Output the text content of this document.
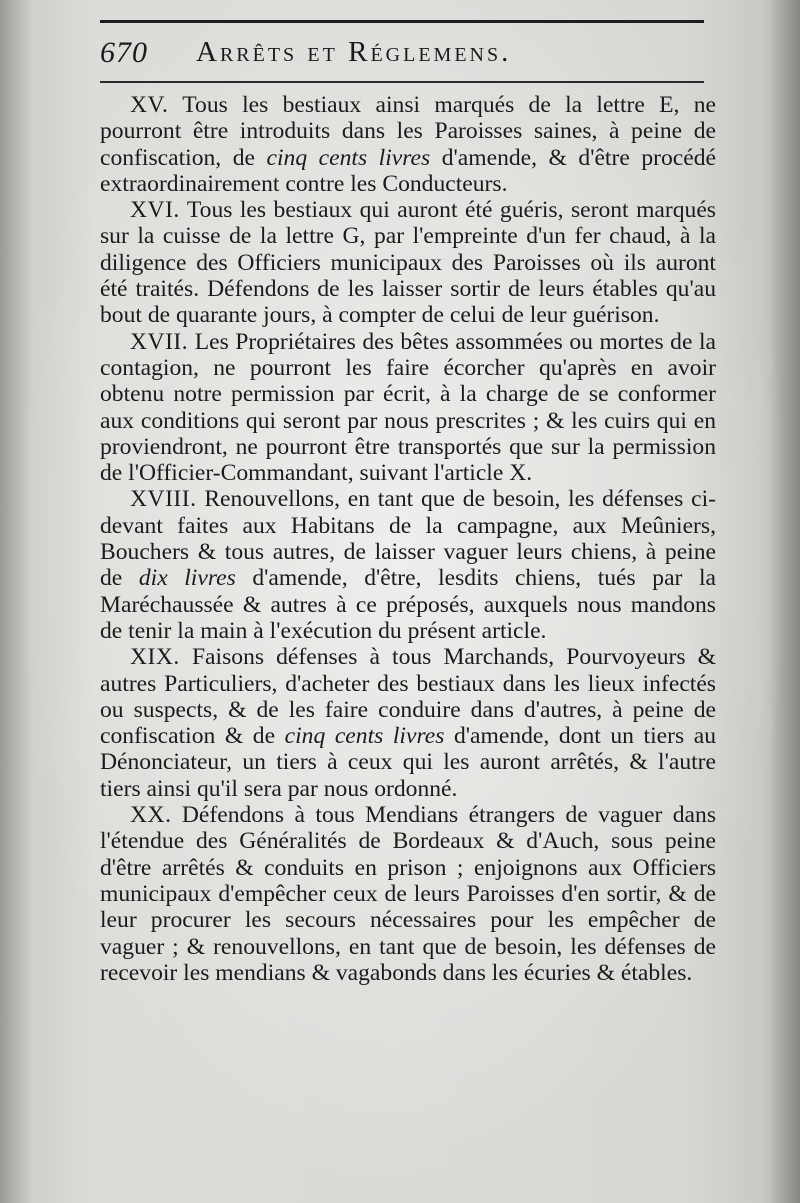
670 Arrêts et Réglemens.

XV. Tous les bestiaux ainsi marqués de la lettre E, ne pourront être introduits dans les Paroisses saines, à peine de confiscation, de cinq cents livres d'amende, & d'être procédé extraordinairement contre les Conducteurs.

XVI. Tous les bestiaux qui auront été guéris, seront marqués sur la cuisse de la lettre G, par l'empreinte d'un fer chaud, à la diligence des Officiers municipaux des Paroisses où ils auront été traités. Défendons de les laisser sortir de leurs étables qu'au bout de quarante jours, à compter de celui de leur guérison.

XVII. Les Propriétaires des bêtes assommées ou mortes de la contagion, ne pourront les faire écorcher qu'après en avoir obtenu notre permission par écrit, à la charge de se conformer aux conditions qui seront par nous prescrites ; & les cuirs qui en proviendront, ne pourront être transportés que sur la permission de l'Officier-Commandant, suivant l'article X.

XVIII. Renouvellons, en tant que de besoin, les défenses ci-devant faites aux Habitans de la campagne, aux Meûniers, Bouchers & tous autres, de laisser vaguer leurs chiens, à peine de dix livres d'amende, d'être, lesdits chiens, tués par la Maréchaussée & autres à ce préposés, auxquels nous mandons de tenir la main à l'exécution du présent article.

XIX. Faisons défenses à tous Marchands, Pourvoyeurs & autres Particuliers, d'acheter des bestiaux dans les lieux infectés ou suspects, & de les faire conduire dans d'autres, à peine de confiscation & de cinq cents livres d'amende, dont un tiers au Dénonciateur, un tiers à ceux qui les auront arrêtés, & l'autre tiers ainsi qu'il sera par nous ordonné.

XX. Défendons à tous Mendians étrangers de vaguer dans l'étendue des Généralités de Bordeaux & d'Auch, sous peine d'être arrêtés & conduits en prison ; enjoignons aux Officiers municipaux d'empêcher ceux de leurs Paroisses d'en sortir, & de leur procurer les secours nécessaires pour les empêcher de vaguer ; & renouvellons, en tant que de besoin, les défenses de recevoir les mendians & vagabonds dans les écuries & étables.
